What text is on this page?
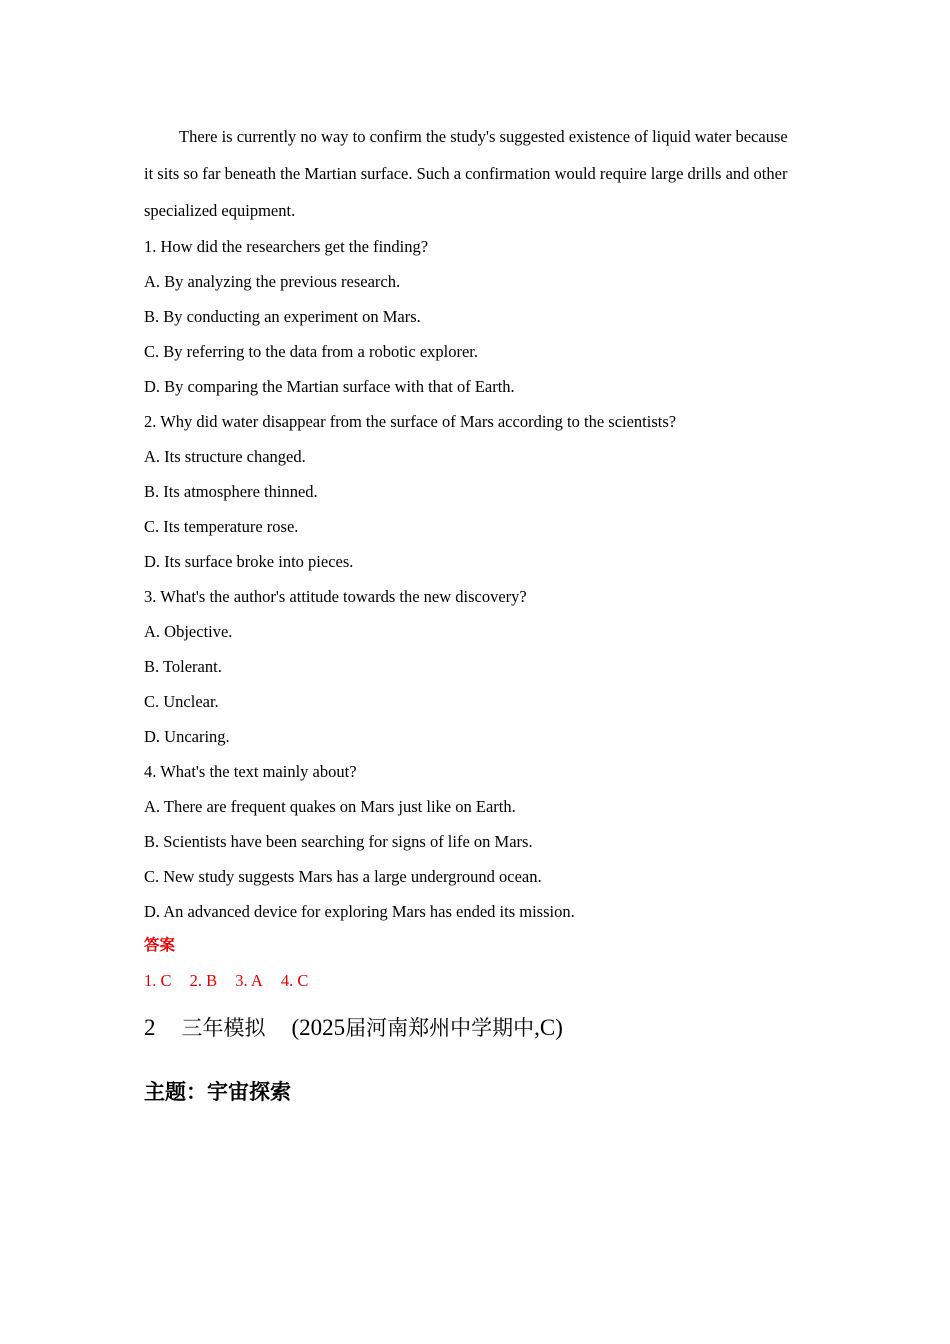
There is currently no way to confirm the study's suggested existence of liquid water because it sits so far beneath the Martian surface. Such a confirmation would require large drills and other specialized equipment.
1. How did the researchers get the finding?
A. By analyzing the previous research.
B. By conducting an experiment on Mars.
C. By referring to the data from a robotic explorer.
D. By comparing the Martian surface with that of Earth.
2. Why did water disappear from the surface of Mars according to the scientists?
A. Its structure changed.
B. Its atmosphere thinned.
C. Its temperature rose.
D. Its surface broke into pieces.
3. What's the author's attitude towards the new discovery?
A. Objective.
B. Tolerant.
C. Unclear.
D. Uncaring.
4. What's the text mainly about?
A. There are frequent quakes on Mars just like on Earth.
B. Scientists have been searching for signs of life on Mars.
C. New study suggests Mars has a large underground ocean.
D. An advanced device for exploring Mars has ended its mission.
答案
1. C 2. B 3. A 4. C
2 三年模拟 (2025届河南郑州中学期中,C)
主题：宇宙探索
